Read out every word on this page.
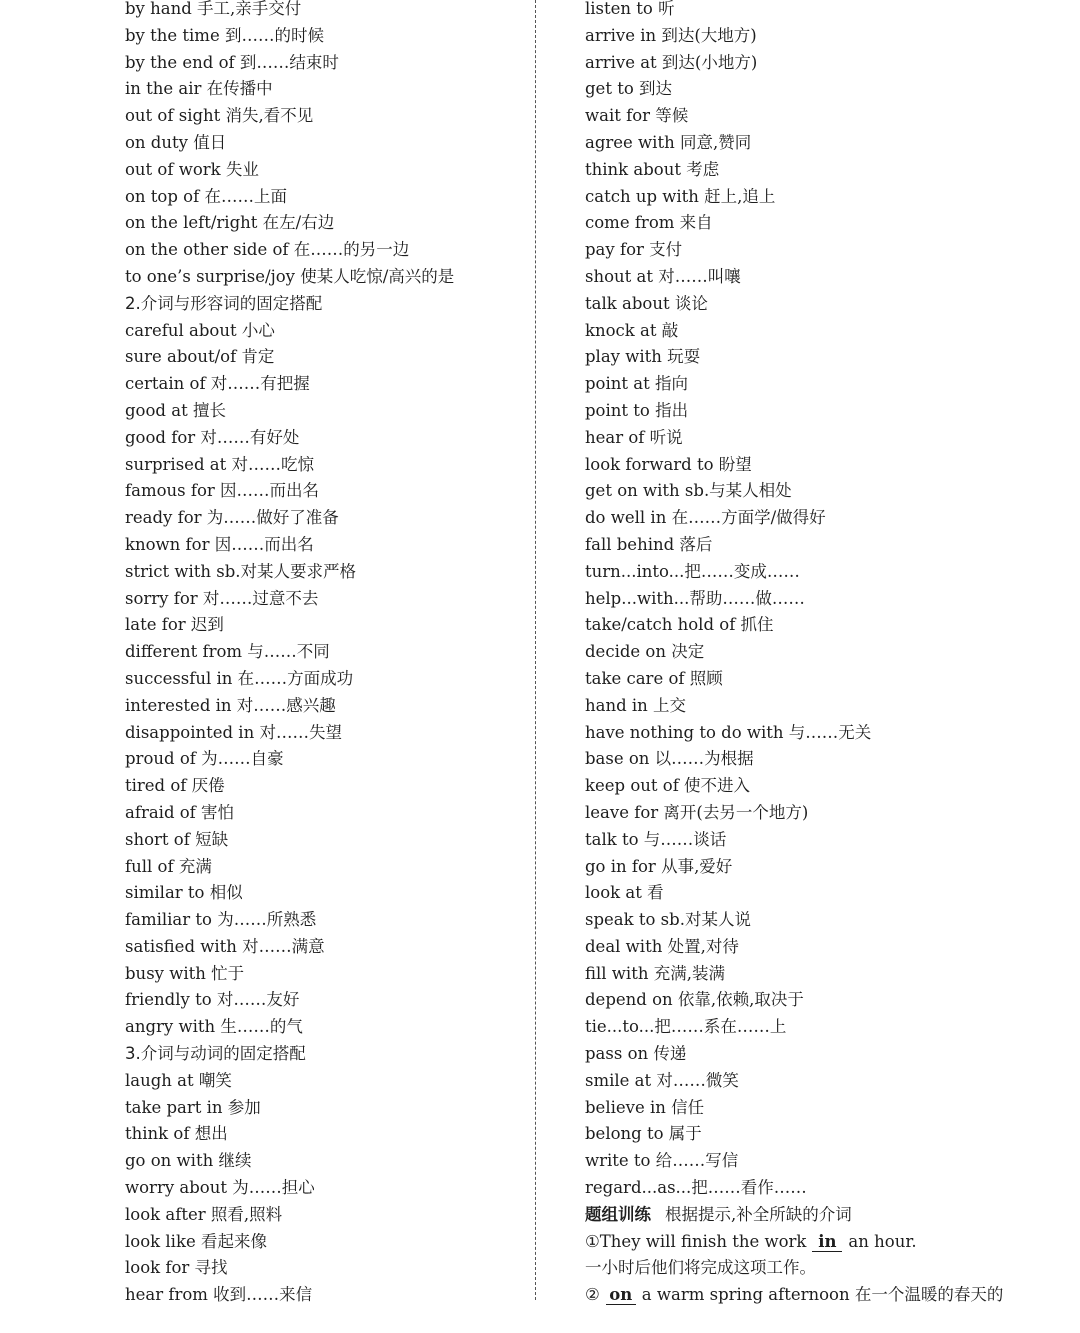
by hand 手工,亲手交付
by the time 到……的时候
by the end of 到……结束时
in the air 在传播中
out of sight 消失,看不见
on duty 值日
out of work 失业
on top of 在……上面
on the left/right 在左/右边
on the other side of 在……的另一边
to one’s surprise/joy 使某人吃惊/高兴的是
2.介词与形容词的固定搭配
careful about 小心
sure about/of 肯定
certain of 对……有把握
good at 擅长
good for 对……有好处
surprised at 对……吃惊
famous for 因……而出名
ready for 为……做好了准备
known for 因……而出名
strict with sb.对某人要求严格
sorry for 对……过意不去
late for 迟到
different from 与……不同
successful in 在……方面成功
interested in 对……感兴趣
disappointed in 对……失望
proud of 为……自豪
tired of 厌倦
afraid of 害怕
short of 短缺
full of 充满
similar to 相似
familiar to 为……所熟悉
satisfied with 对……满意
busy with 忙于
friendly to 对……友好
angry with 生……的气
3.介词与动词的固定搭配
laugh at 嘲笑
take part in 参加
think of 想出
go on with 继续
worry about 为……担心
look after 照看,照料
look like 看起来像
look for 寻找
hear from 收到……来信
listen to 听
arrive in 到达(大地方)
arrive at 到达(小地方)
get to 到达
wait for 等候
agree with 同意,赞同
think about 考虑
catch up with 赶上,追上
come from 来自
pay for 支付
shout at 对……叫嚷
talk about 谈论
knock at 敲
play with 玩耍
point at 指向
point to 指出
hear of 听说
look forward to 盼望
get on with sb.与某人相处
do well in 在……方面学/做得好
fall behind 落后
turn...into...把……变成……
help...with...帮助……做……
take/catch hold of 抓住
decide on 决定
take care of 照顾
hand in 上交
have nothing to do with 与……无关
base on 以……为根据
keep out of 使不进入
leave for 离开(去另一个地方)
talk to 与……谈话
go in for 从事,爱好
look at 看
speak to sb.对某人说
deal with 处置,对待
fill with 充满,装满
depend on 依靠,依赖,取决于
tie...to...把……系在……上
pass on 传递
smile at 对……微笑
believe in 信任
belong to 属于
write to 给……写信
regard...as...把……看作……
题组训练 根据提示,补全所缺的介词
①They will finish the work in an hour.
一小时后他们将完成这项工作。
② on a warm spring afternoon 在一个温暖的春天的
